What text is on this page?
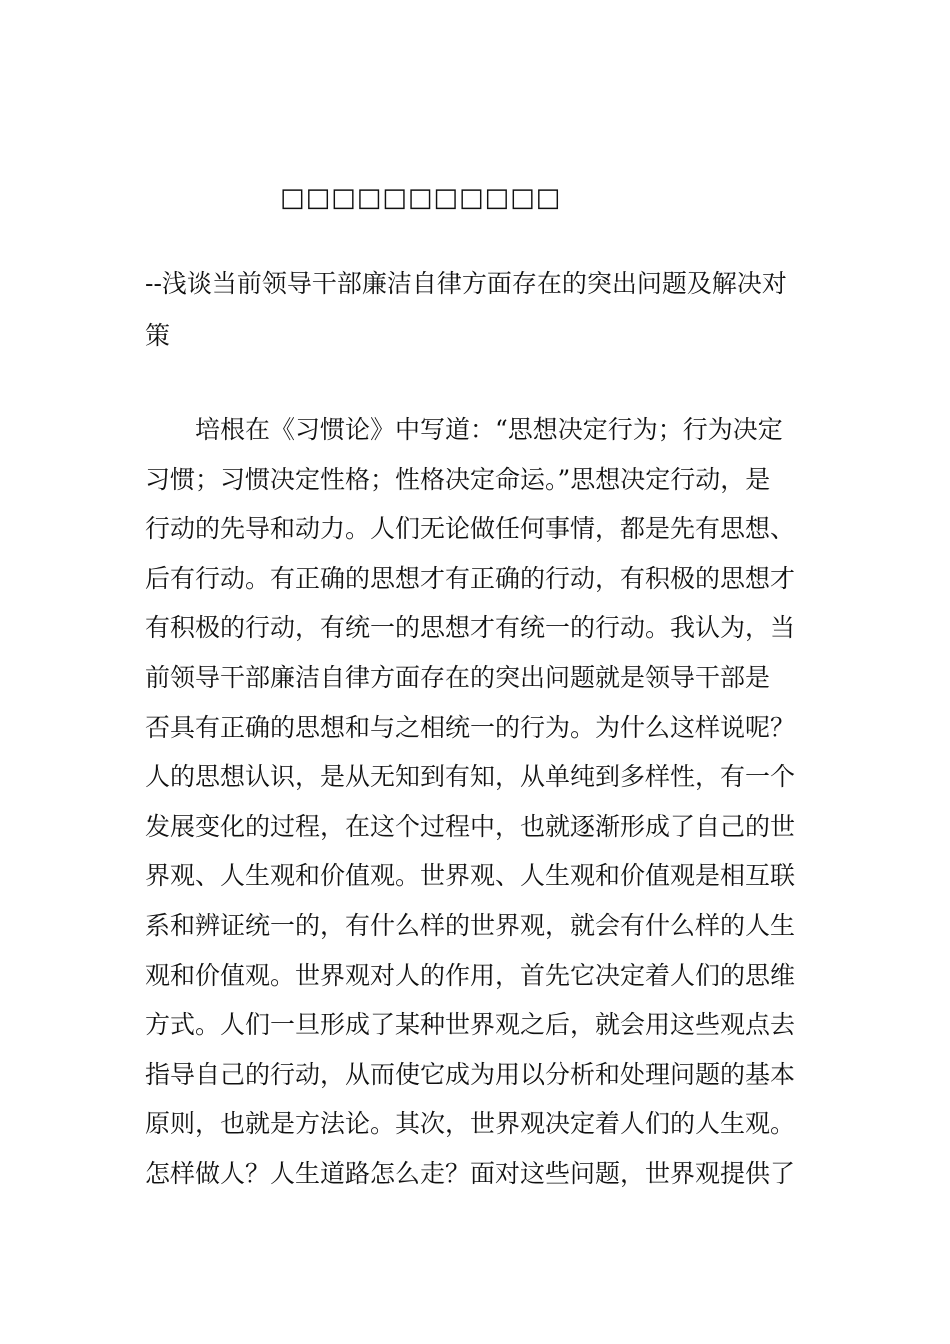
□□□□□□□□□□□
--浅谈当前领导干部廉洁自律方面存在的突出问题及解决对
策
培根在《习惯论》中写道：“思想决定行为；行为决定
习惯；习惯决定性格；性格决定命运。”思想决定行动，是
行动的先导和动力。人们无论做任何事情，都是先有思想、
后有行动。有正确的思想才有正确的行动，有积极的思想才
有积极的行动，有统一的思想才有统一的行动。我认为，当
前领导干部廉洁自律方面存在的突出问题就是领导干部是
否具有正确的思想和与之相统一的行为。为什么这样说呢？
人的思想认识，是从无知到有知，从单纯到多样性，有一个
发展变化的过程，在这个过程中，也就逐渐形成了自己的世
界观、人生观和价值观。世界观、人生观和价值观是相互联
系和辨证统一的，有什么样的世界观，就会有什么样的人生
观和价值观。世界观对人的作用，首先它决定着人们的思维
方式。人们一旦形成了某种世界观之后，就会用这些观点去
指导自己的行动，从而使它成为用以分析和处理问题的基本
原则，也就是方法论。其次，世界观决定着人们的人生观。
怎样做人？人生道路怎么走？面对这些问题，世界观提供了
